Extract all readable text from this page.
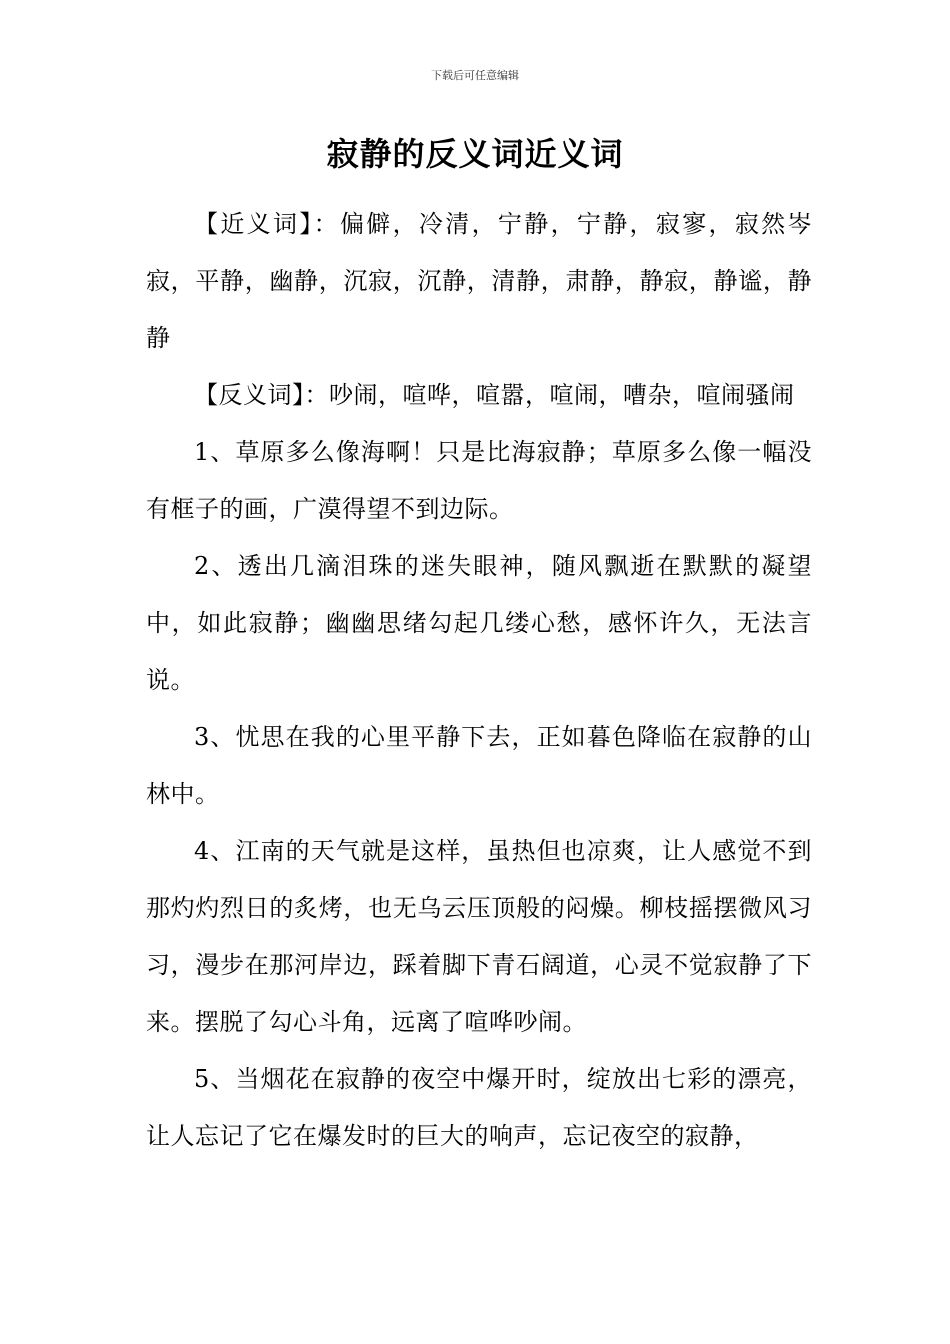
下载后可任意编辑
寂静的反义词近义词

【近义词】：偏僻，冷清，宁静，宁静，寂寥，寂然岑寂，平静，幽静，沉寂，沉静，清静，肃静，静寂，静谧，静静

【反义词】：吵闹，喧哗，喧嚣，喧闹，嘈杂，喧闹骚闹

1、草原多么像海啊！只是比海寂静；草原多么像一幅没有框子的画，广漠得望不到边际。

2、透出几滴泪珠的迷失眼神，随风飘逝在默默的凝望中，如此寂静；幽幽思绪勾起几缕心愁，感怀许久，无法言说。

3、忧思在我的心里平静下去，正如暮色降临在寂静的山林中。

4、江南的天气就是这样，虽热但也凉爽，让人感觉不到那灼灼烈日的炙烤，也无乌云压顶般的闷燥。柳枝摇摆微风习习，漫步在那河岸边，踩着脚下青石阔道，心灵不觉寂静了下来。摆脱了勾心斗角，远离了喧哗吵闹。

5、当烟花在寂静的夜空中爆开时，绽放出七彩的漂亮，让人忘记了它在爆发时的巨大的响声，忘记夜空的寂静，
